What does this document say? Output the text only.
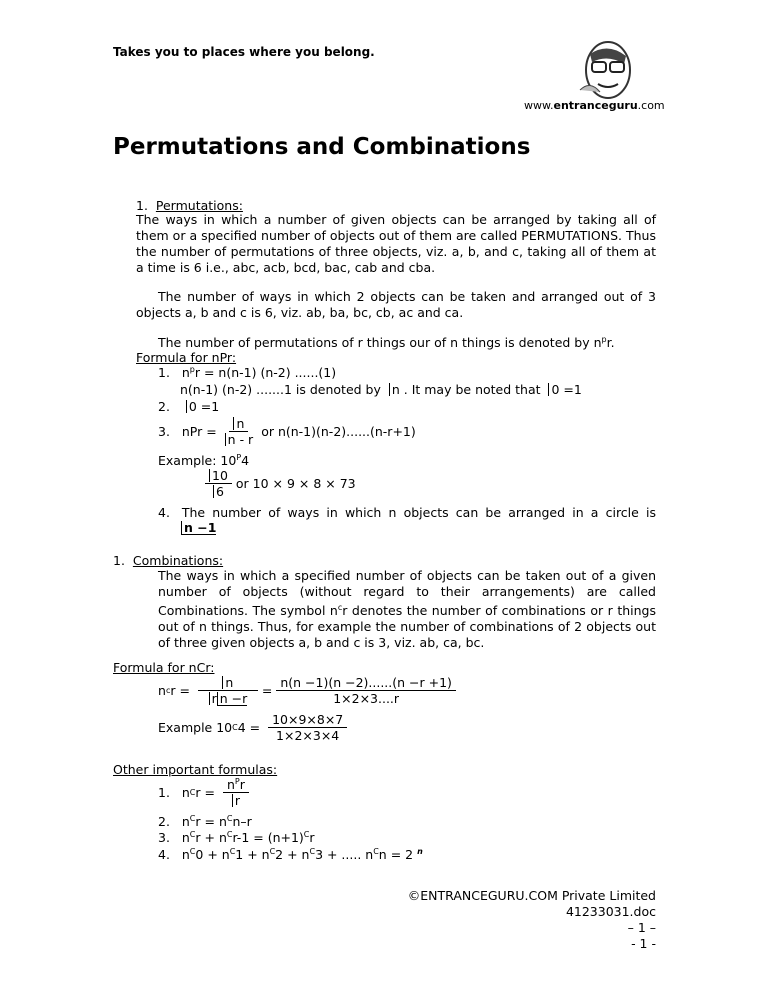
Takes you to places where you belong.
www.entranceguru.com
Permutations and Combinations
1. Permutations:
The ways in which a number of given objects can be arranged by taking all of them or a specified number of objects out of them are called PERMUTATIONS. Thus the number of permutations of three objects, viz. a, b, and c, taking all of them at a time is 6 i.e., abc, acb, bcd, bac, cab and cba.
The number of ways in which 2 objects can be taken and arranged out of 3 objects a, b and c is 6, viz. ab, ba, bc, cb, ac and ca.
The number of permutations of r things our of n things is denoted by $n^pr$.
Formula for nPr:
1. $n^pr = n(n-1)$ (n-2) ......(1)
n(n-1) (n-2) .......1 is denoted by n . It may be noted that 0 =1
2. 0 =1
3.
nPr =
$\frac{n}{n - r}$
or n(n-1)(n-2)......(n-r+1)
Example: $10^P4$
$\frac{10}{6}$
or 10 × 9 × 8 × 73
4.
The number of ways in which n objects can be arranged in a circle is
n −1
1. Combinations:
The ways in which a specified number of objects can be taken out of a given number of objects (without regard to their arrangements) are called Combinations. The symbol $n^cr$ denotes the number of combinations or r things out of n things. Thus, for example the number of combinations of 2 objects out of three given objects a, b and c is 3, viz. ab, ca, bc.
Formula for nCr:
n c r =
$\frac{n}{\text{r n −r}}$
=
$\frac{n(n -1)(n -2)......(n -r +1)}{1\times 2\times 3....r}$
Example 10 C 4 =
$\frac{10\times 9\times 8\times 7}{1\times 2\times 3\times 4}$
Other important formulas:
1.
n C r =
$\frac{n^Pr}{r}$
2. $n^Cr = n^Cn-r$
3. $n^Cr + n^Cr-1 = (n+1)^Cr$
4. $n^C0 + n^C1 + n^C2 + n^C3$ + ..... $n^Cn = 2$ $^n$
©ENTRANCEGURU.COM Private Limited
41233031.doc
– 1 –
- 1 -
